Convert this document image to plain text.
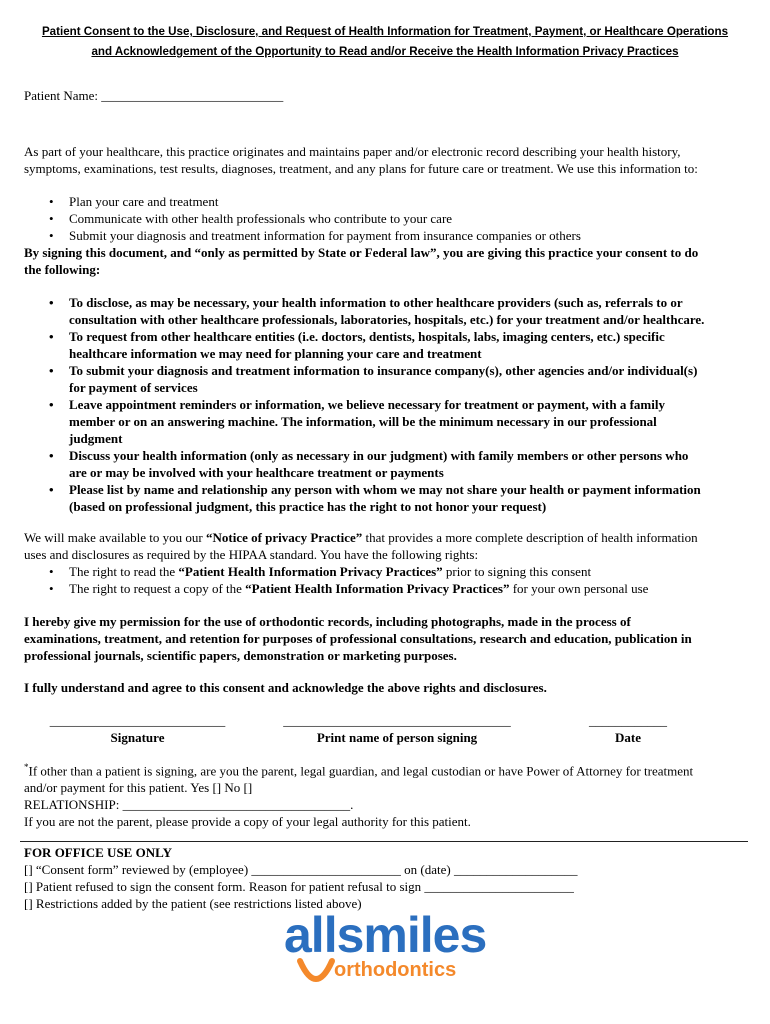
Patient Consent to the Use, Disclosure, and Request of Health Information for Treatment, Payment, or Healthcare Operations
and Acknowledgement of the Opportunity to Read and/or Receive the Health Information Privacy Practices
Patient Name: ____________________________
As part of your healthcare, this practice originates and maintains paper and/or electronic record describing your health history,
symptoms, examinations, test results, diagnoses, treatment, and any plans for future care or treatment. We use this information to:
• Plan your care and treatment
• Communicate with other health professionals who contribute to your care
• Submit your diagnosis and treatment information for payment from insurance companies or others
By signing this document, and “only as permitted by State or Federal law”, you are giving this practice your consent to do
the following:
• To disclose, as may be necessary, your health information to other healthcare providers (such as, referrals to or
consultation with other healthcare professionals, laboratories, hospitals, etc.) for your treatment and/or healthcare.
• To request from other healthcare entities (i.e. doctors, dentists, hospitals, labs, imaging centers, etc.) specific
healthcare information we may need for planning your care and treatment
• To submit your diagnosis and treatment information to insurance company(s), other agencies and/or individual(s)
for payment of services
• Leave appointment reminders or information, we believe necessary for treatment or payment, with a family
member or on an answering machine. The information, will be the minimum necessary in our professional
judgment
• Discuss your health information (only as necessary in our judgment) with family members or other persons who
are or may be involved with your healthcare treatment or payments
• Please list by name and relationship any person with whom we may not share your health or payment information
(based on professional judgment, this practice has the right to not honor your request)
We will make available to you our “Notice of privacy Practice” that provides a more complete description of health information
uses and disclosures as required by the HIPAA standard. You have the following rights:
• The right to read the “Patient Health Information Privacy Practices” prior to signing this consent
• The right to request a copy of the “Patient Health Information Privacy Practices” for your own personal use
I hereby give my permission for the use of orthodontic records, including photographs, made in the process of
examinations, treatment, and retention for purposes of professional consultations, research and education, publication in
professional journals, scientific papers, demonstration or marketing purposes.
I fully understand and agree to this consent and acknowledge the above rights and disclosures.
___________________________
Signature
___________________________________
Print name of person signing
____________
Date
*If other than a patient is signing, are you the parent, legal guardian, and legal custodian or have Power of Attorney for treatment
and/or payment for this patient. Yes [] No []
RELATIONSHIP: ___________________________________.
If you are not the parent, please provide a copy of your legal authority for this patient.
FOR OFFICE USE ONLY
[] “Consent form” reviewed by (employee) _______________________ on (date) ___________________
[] Patient refused to sign the consent form. Reason for patient refusal to sign _______________________
[] Restrictions added by the patient (see restrictions listed above)
allsmiles
orthodontics
